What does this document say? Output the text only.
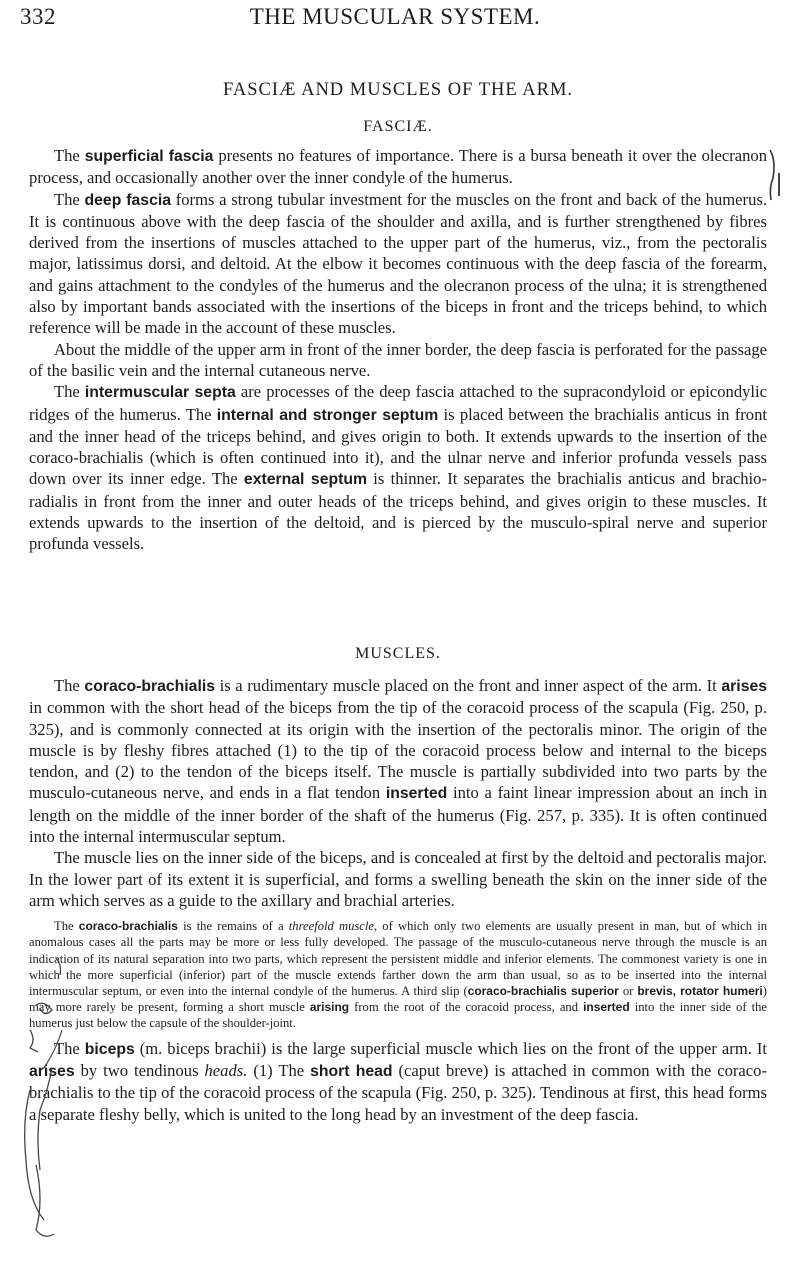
332	THE MUSCULAR SYSTEM.
FASCIÆ AND MUSCLES OF THE ARM.
FASCIÆ.

The superficial fascia presents no features of importance. There is a bursa beneath it over the olecranon process, and occasionally another over the inner condyle of the humerus.

The deep fascia forms a strong tubular investment for the muscles on the front and back of the humerus. It is continuous above with the deep fascia of the shoulder and axilla, and is further strengthened by fibres derived from the insertions of muscles attached to the upper part of the humerus, viz., from the pectoralis major, latissimus dorsi, and deltoid. At the elbow it becomes continuous with the deep fascia of the forearm, and gains attachment to the condyles of the humerus and the olecranon process of the ulna; it is strengthened also by important bands associated with the insertions of the biceps in front and the triceps behind, to which reference will be made in the account of these muscles.

About the middle of the upper arm in front of the inner border, the deep fascia is perforated for the passage of the basilic vein and the internal cutaneous nerve.

The intermuscular septa are processes of the deep fascia attached to the supracondyloid or epicondylic ridges of the humerus. The internal and stronger septum is placed between the brachialis anticus in front and the inner head of the triceps behind, and gives origin to both. It extends upwards to the insertion of the coraco-brachialis (which is often continued into it), and the ulnar nerve and inferior profunda vessels pass down over its inner edge. The external septum is thinner. It separates the brachialis anticus and brachio-radialis in front from the inner and outer heads of the triceps behind, and gives origin to these muscles. It extends upwards to the insertion of the deltoid, and is pierced by the musculo-spiral nerve and superior profunda vessels.

MUSCLES.

The coraco-brachialis is a rudimentary muscle placed on the front and inner aspect of the arm. It arises in common with the short head of the biceps from the tip of the coracoid process of the scapula (Fig. 250, p. 325), and is commonly connected at its origin with the insertion of the pectoralis minor. The origin of the muscle is by fleshy fibres attached (1) to the tip of the coracoid process below and internal to the biceps tendon, and (2) to the tendon of the biceps itself. The muscle is partially subdivided into two parts by the musculo-cutaneous nerve, and ends in a flat tendon inserted into a faint linear impression about an inch in length on the middle of the inner border of the shaft of the humerus (Fig. 257, p. 335). It is often continued into the internal intermuscular septum.

The muscle lies on the inner side of the biceps, and is concealed at first by the deltoid and pectoralis major. In the lower part of its extent it is superficial, and forms a swelling beneath the skin on the inner side of the arm which serves as a guide to the axillary and brachial arteries.

The coraco-brachialis is the remains of a threefold muscle, of which only two elements are usually present in man, but of which in anomalous cases all the parts may be more or less fully developed. The passage of the musculo-cutaneous nerve through the muscle is an indication of its natural separation into two parts, which represent the persistent middle and inferior elements. The commonest variety is one in which the more superficial (inferior) part of the muscle extends farther down the arm than usual, so as to be inserted into the internal intermuscular septum, or even into the internal condyle of the humerus. A third slip (coraco-brachialis superior or brevis, rotator humeri) may more rarely be present, forming a short muscle arising from the root of the coracoid process, and inserted into the inner side of the humerus just below the capsule of the shoulder-joint.

The biceps (m. biceps brachii) is the large superficial muscle which lies on the front of the upper arm. It arises by two tendinous heads. (1) The short head (caput breve) is attached in common with the coraco-brachialis to the tip of the coracoid process of the scapula (Fig. 250, p. 325). Tendinous at first, this head forms a separate fleshy belly, which is united to the long head by an investment of the deep fascia.
